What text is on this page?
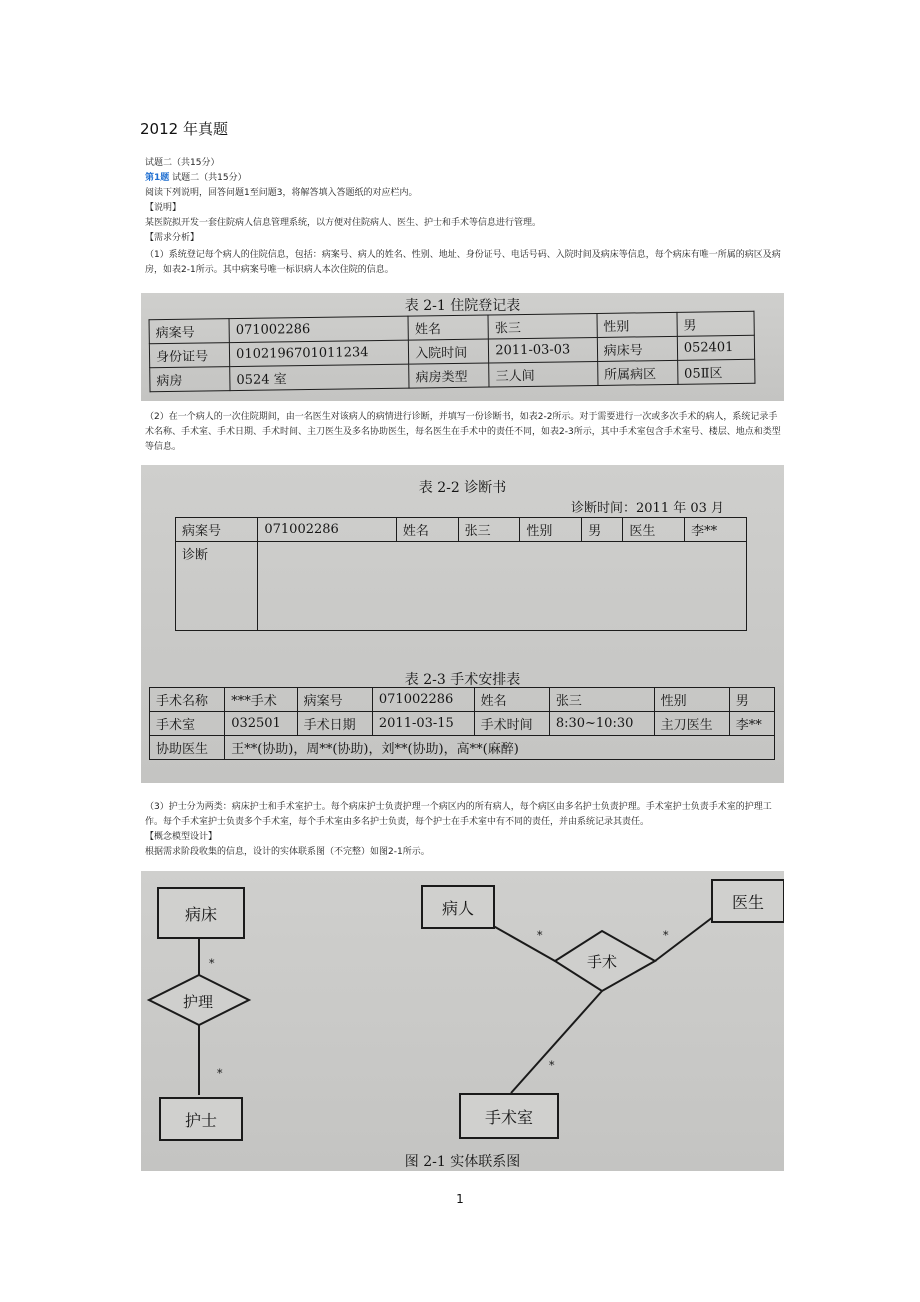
2012 年真题
试题二（共15分）
第1题 试题二（共15分）
阅读下列说明，回答问题1至问题3，将解答填入答题纸的对应栏内。
【说明】
某医院拟开发一套住院病人信息管理系统，以方便对住院病人、医生、护士和手术等信息进行管理。
【需求分析】
（1）系统登记每个病人的住院信息，包括：病案号、病人的姓名、性别、地址、身份证号、电话号码、入院时间及病床等信息，每个病床有唯一所属的病区及病房，如表2-1所示。其中病案号唯一标识病人本次住院的信息。
表 2-1 住院登记表
病案号	071002286	姓名	张三	性别	男
身份证号	0102196701011234	入院时间	2011-03-03	病床号	052401
病房	0524 室	病房类型	三人间	所属病区	05Ⅱ区
（2）在一个病人的一次住院期间，由一名医生对该病人的病情进行诊断，并填写一份诊断书，如表2-2所示。对于需要进行一次或多次手术的病人，系统记录手术名称、手术室、手术日期、手术时间、主刀医生及多名协助医生，每名医生在手术中的责任不同，如表2-3所示，其中手术室包含手术室号、楼层、地点和类型等信息。
表 2-2 诊断书
诊断时间：2011 年 03 月
病案号	071002286	姓名	张三	性别	男	医生	李**
诊断							
表 2-3 手术安排表
手术名称	***手术	病案号	071002286	姓名	张三	性别	男
手术室	032501	手术日期	2011-03-15	手术时间	8:30~10:30	主刀医生	李**
协助医生	王**(协助)，周**(协助)，刘**(协助)，高**(麻醉)						
（3）护士分为两类：病床护士和手术室护士。每个病床护士负责护理一个病区内的所有病人，每个病区由多名护士负责护理。手术室护士负责手术室的护理工作。每个手术室护士负责多个手术室，每个手术室由多名护士负责，每个护士在手术室中有不同的责任，并由系统记录其责任。
【概念模型设计】
根据需求阶段收集的信息，设计的实体联系图（不完整）如图2-1所示。
病床
护理
*
*
护士
病人
手术
医生
*	*
*
手术室
图 2-1 实体联系图
1
